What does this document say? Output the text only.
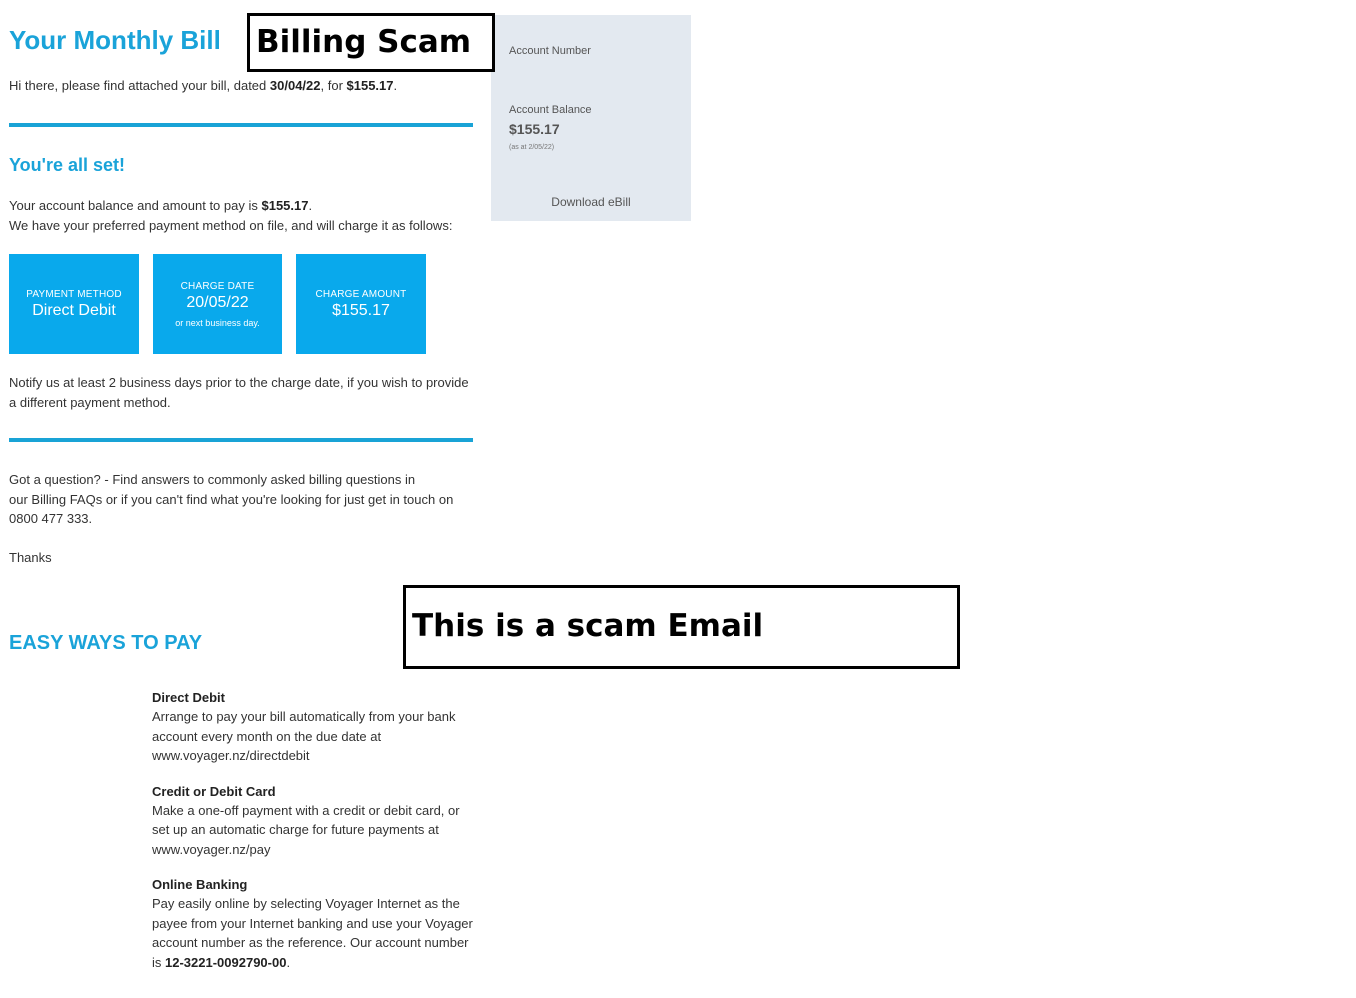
Your Monthly Bill
Hi there, please find attached your bill, dated 30/04/22, for $155.17.
You're all set!
Your account balance and amount to pay is $155.17.
We have your preferred payment method on file, and will charge it as follows:
PAYMENT METHOD
Direct Debit
CHARGE DATE
20/05/22
or next business day.
CHARGE AMOUNT
$155.17
Notify us at least 2 business days prior to the charge date, if you wish to provide a different payment method.
Got a question? - Find answers to commonly asked billing questions in
our Billing FAQs or if you can't find what you're looking for just get in touch on
0800 477 333.
Thanks
EASY WAYS TO PAY
Direct Debit
Arrange to pay your bill automatically from your bank account every month on the due date at www.voyager.nz/directdebit
Credit or Debit Card
Make a one-off payment with a credit or debit card, or set up an automatic charge for future payments at www.voyager.nz/pay
Online Banking
Pay easily online by selecting Voyager Internet as the payee from your Internet banking and use your Voyager account number as the reference. Our account number is 12-3221-0092790-00.
Account Number
Account Balance
$155.17
(as at 2/05/22)
Download eBill
Billing Scam
This is a scam Email
